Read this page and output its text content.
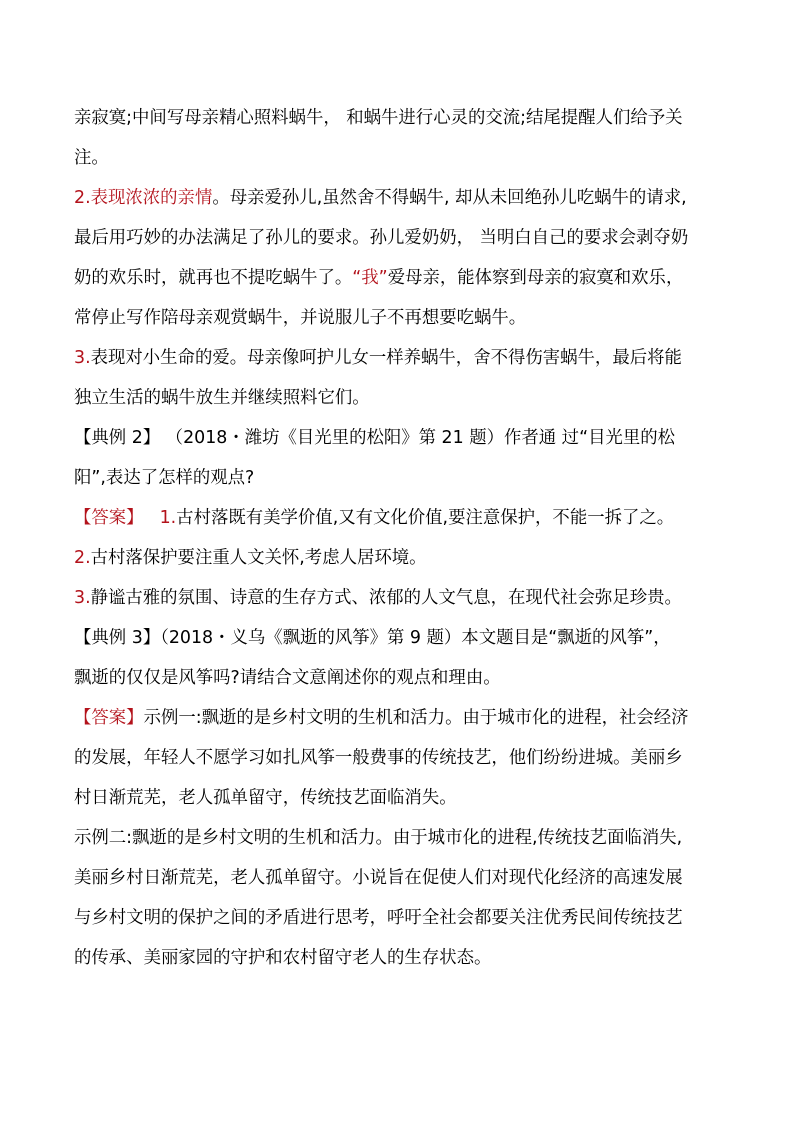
亲寂寞;中间写母亲精心照料蜗牛， 和蜗牛进行心灵的交流;结尾提醒人们给予关
注。
2.表现浓浓的亲情。母亲爱孙儿,虽然舍不得蜗牛, 却从未回绝孙儿吃蜗牛的请求,
最后用巧妙的办法满足了孙儿的要求。孙儿爱奶奶， 当明白自己的要求会剥夺奶
奶的欢乐时，就再也不提吃蜗牛了。“我”爱母亲，能体察到母亲的寂寞和欢乐，
常停止写作陪母亲观赏蜗牛，并说服儿子不再想要吃蜗牛。
3.表现对小生命的爱。母亲像呵护儿女一样养蜗牛，舍不得伤害蜗牛，最后将能
独立生活的蜗牛放生并继续照料它们。
【典例 2】 （2018・潍坊《目光里的松阳》第 21 题）作者通 过“目光里的松
阳”,表达了怎样的观点?
【答案】 1.古村落既有美学价值,又有文化价值,要注意保护，不能一拆了之。
2.古村落保护要注重人文关怀,考虑人居环境。
3.静谧古雅的氛围、诗意的生存方式、浓郁的人文气息，在现代社会弥足珍贵。
【典例 3】（2018・义乌《飘逝的风筝》第 9 题）本文题目是“飘逝的风筝”，
飘逝的仅仅是风筝吗?请结合文意阐述你的观点和理由。
【答案】示例一:飘逝的是乡村文明的生机和活力。由于城市化的进程，社会经济
的发展，年轻人不愿学习如扎风筝一般费事的传统技艺，他们纷纷进城。美丽乡
村日渐荒芜，老人孤单留守，传统技艺面临消失。
示例二:飘逝的是乡村文明的生机和活力。由于城市化的进程,传统技艺面临消失,
美丽乡村日渐荒芜，老人孤单留守。小说旨在促使人们对现代化经济的高速发展
与乡村文明的保护之间的矛盾进行思考，呼吁全社会都要关注优秀民间传统技艺
的传承、美丽家园的守护和农村留守老人的生存状态。
